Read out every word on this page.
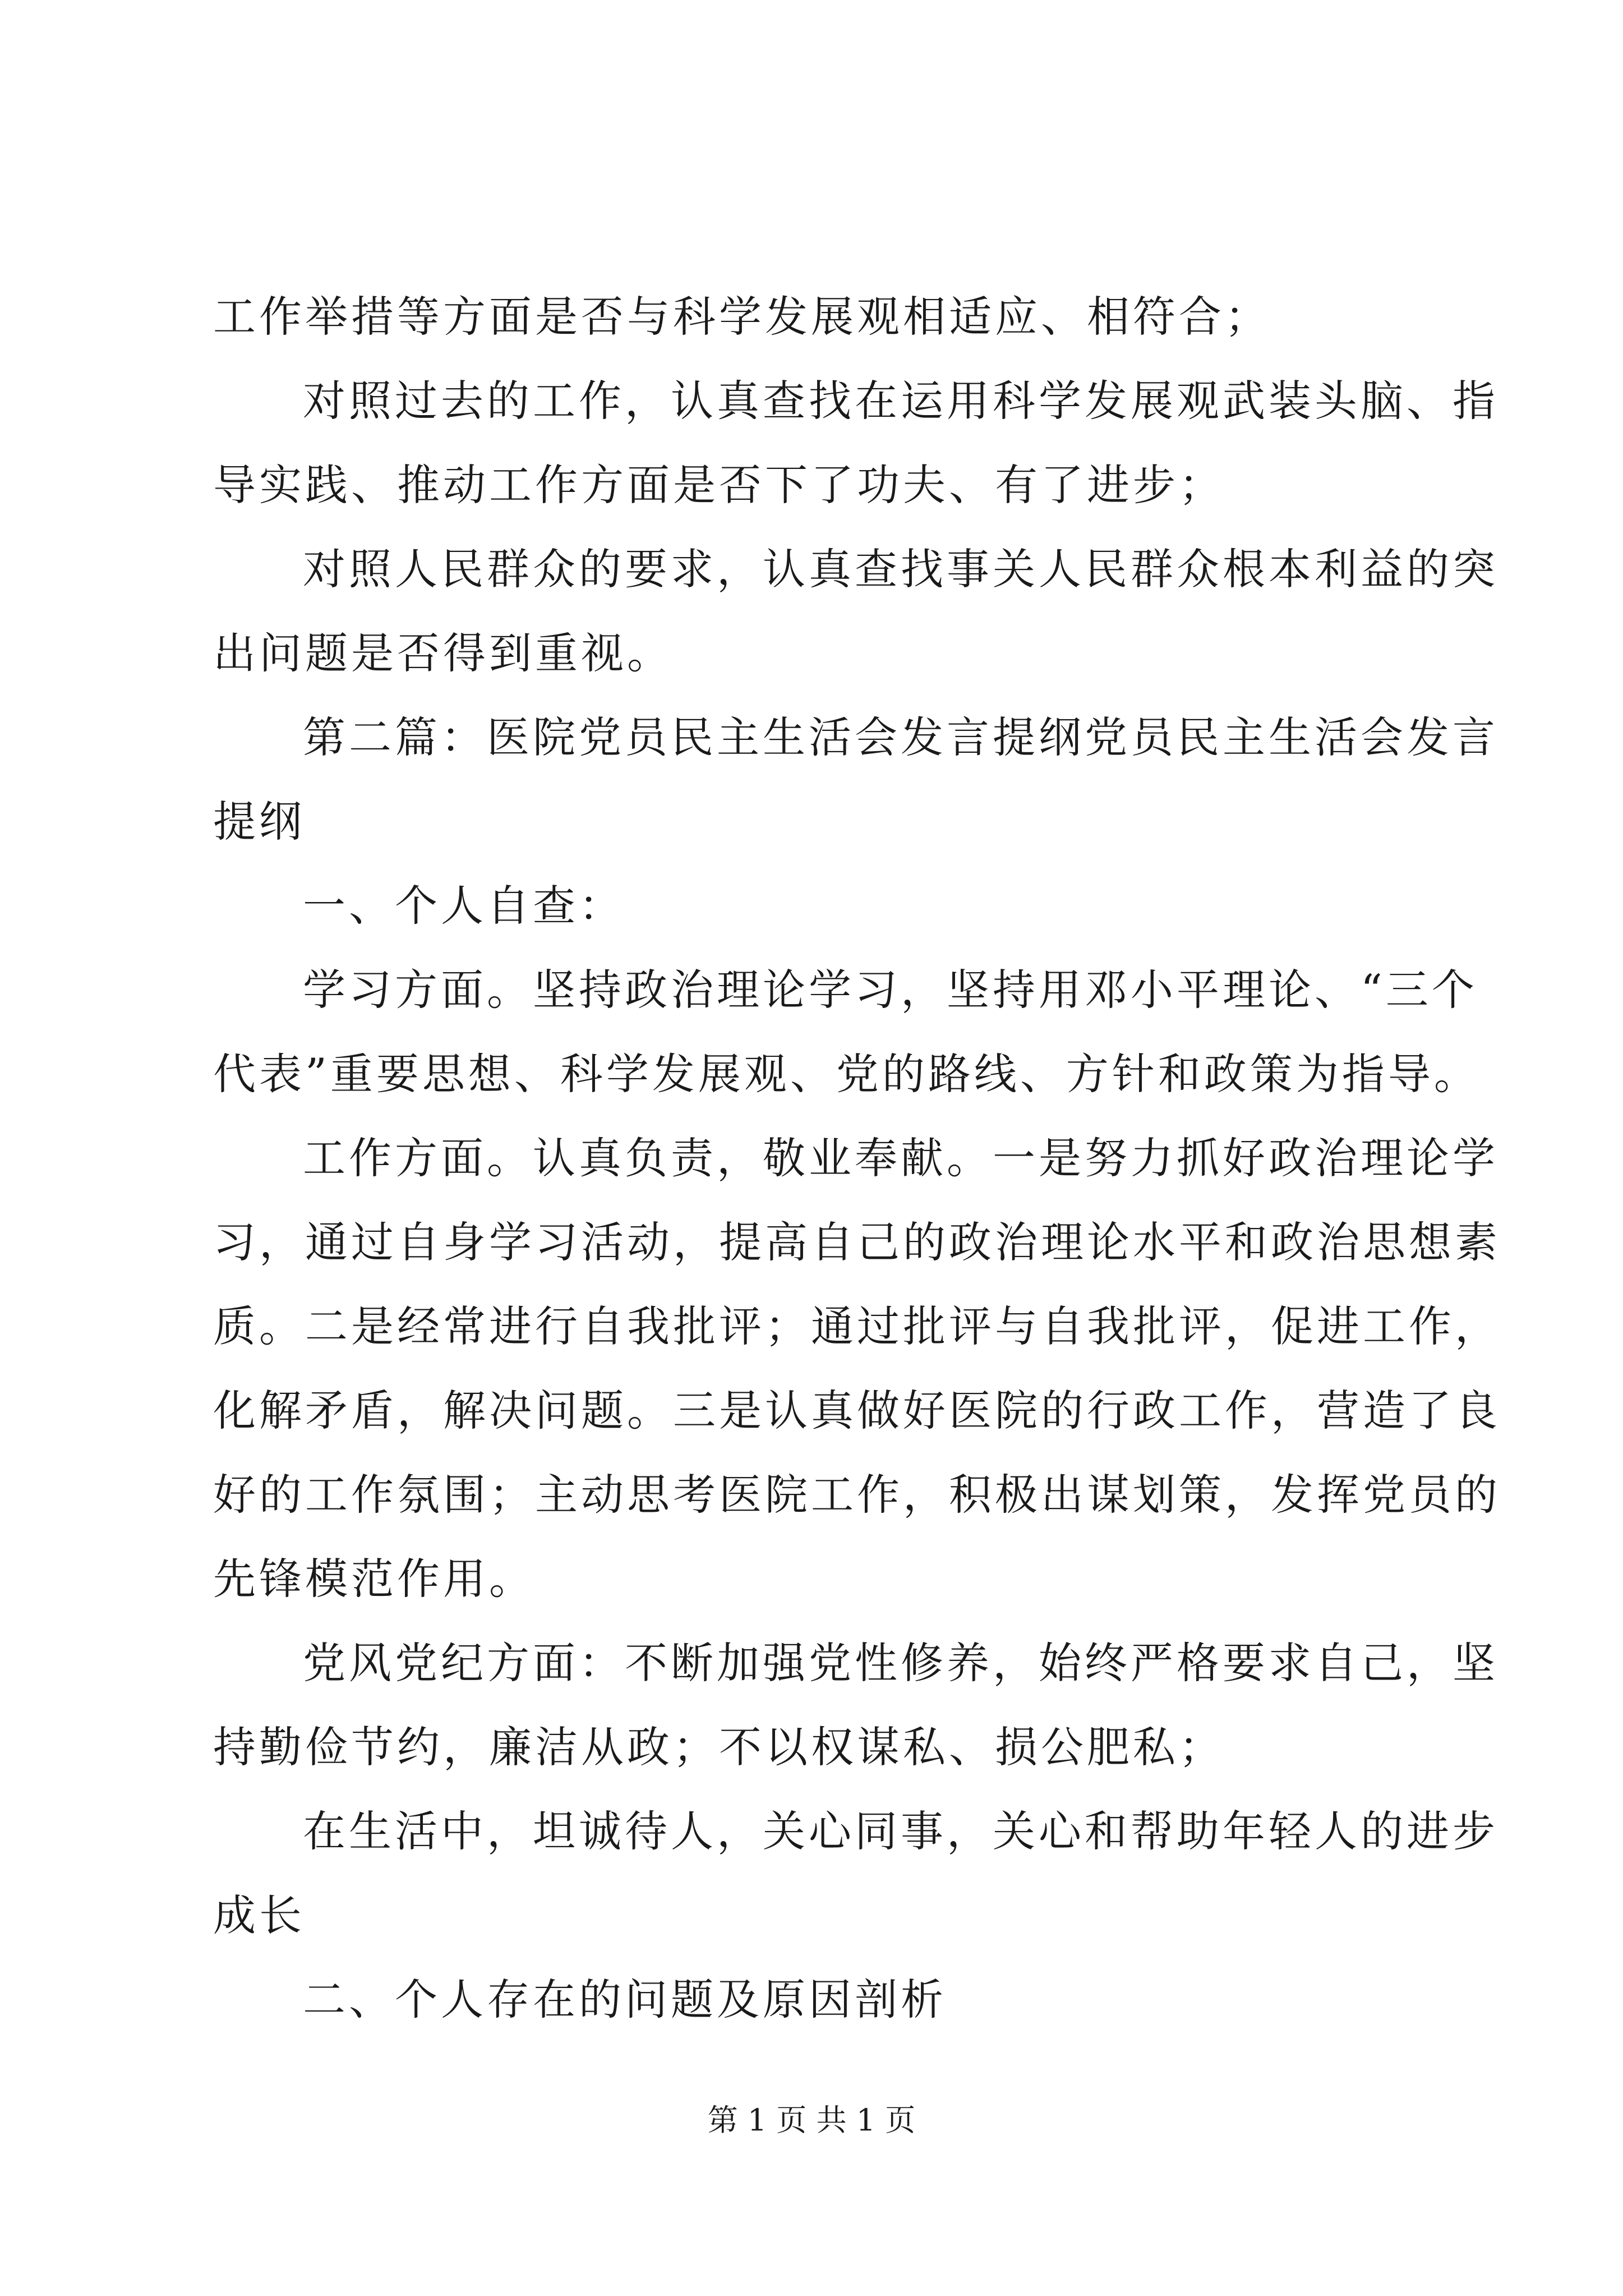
工作举措等方面是否与科学发展观相适应、相符合；
对照过去的工作，认真查找在运用科学发展观武装头脑、指
导实践、推动工作方面是否下了功夫、有了进步；
对照人民群众的要求，认真查找事关人民群众根本利益的突
出问题是否得到重视。
第二篇：医院党员民主生活会发言提纲党员民主生活会发言
提纲
一、个人自查：
学习方面。坚持政治理论学习，坚持用邓小平理论、“三个
代表”重要思想、科学发展观、党的路线、方针和政策为指导。
工作方面。认真负责，敬业奉献。一是努力抓好政治理论学
习，通过自身学习活动，提高自己的政治理论水平和政治思想素
质。二是经常进行自我批评；通过批评与自我批评，促进工作，
化解矛盾，解决问题。三是认真做好医院的行政工作，营造了良
好的工作氛围；主动思考医院工作，积极出谋划策，发挥党员的
先锋模范作用。
党风党纪方面：不断加强党性修养，始终严格要求自己，坚
持勤俭节约，廉洁从政；不以权谋私、损公肥私；
在生活中，坦诚待人，关心同事，关心和帮助年轻人的进步
成长
二、个人存在的问题及原因剖析
第 1 页 共 1 页
